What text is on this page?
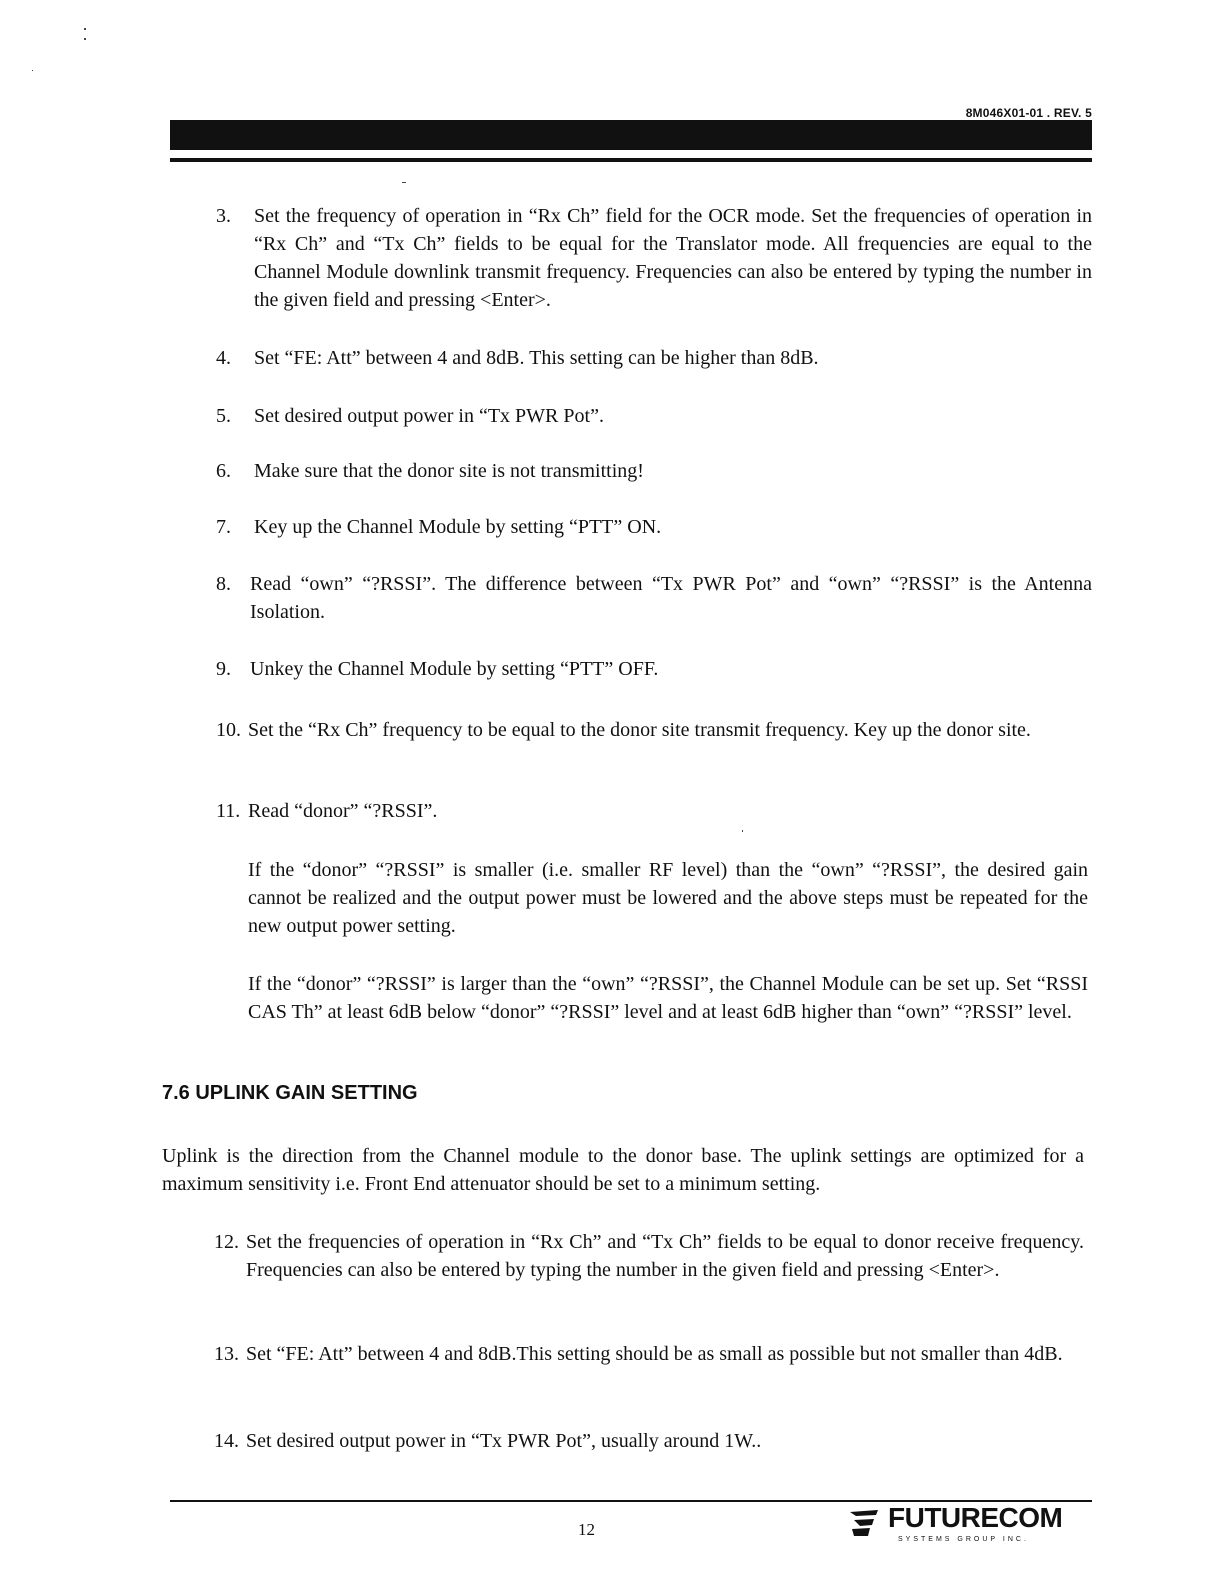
8M046X01-01 . REV. 5
3. Set the frequency of operation in “Rx Ch” field for the OCR mode. Set the frequencies of operation in “Rx Ch” and “Tx Ch” fields to be equal for the Translator mode. All frequencies are equal to the Channel Module downlink transmit frequency. Frequencies can also be entered by typing the number in the given field and pressing <Enter>.
4. Set “FE: Att” between 4 and 8dB. This setting can be higher than 8dB.
5. Set desired output power in “Tx PWR Pot”.
6. Make sure that the donor site is not transmitting!
7. Key up the Channel Module by setting “PTT” ON.
8. Read “own” “?RSSI”. The difference between “Tx PWR Pot” and “own” “?RSSI” is the Antenna Isolation.
9. Unkey the Channel Module by setting “PTT” OFF.
10. Set the “Rx Ch” frequency to be equal to the donor site transmit frequency. Key up the donor site.
11. Read “donor” “?RSSI”.
If the “donor” “?RSSI” is smaller (i.e. smaller RF level) than the “own” “?RSSI”, the desired gain cannot be realized and the output power must be lowered and the above steps must be repeated for the new output power setting.
If the “donor” “?RSSI” is larger than the “own” “?RSSI”, the Channel Module can be set up. Set “RSSI CAS Th” at least 6dB below “donor” “?RSSI” level and at least 6dB higher than “own” “?RSSI” level.
7.6 UPLINK GAIN SETTING
Uplink is the direction from the Channel module to the donor base. The uplink settings are optimized for a maximum sensitivity i.e. Front End attenuator should be set to a minimum setting.
12. Set the frequencies of operation in “Rx Ch” and “Tx Ch” fields to be equal to donor receive frequency. Frequencies can also be entered by typing the number in the given field and pressing <Enter>.
13. Set “FE: Att” between 4 and 8dB.This setting should be as small as possible but not smaller than 4dB.
14. Set desired output power in “Tx PWR Pot”, usually around 1W..
12	FUTURECOM
SYSTEMS GROUP INC.
